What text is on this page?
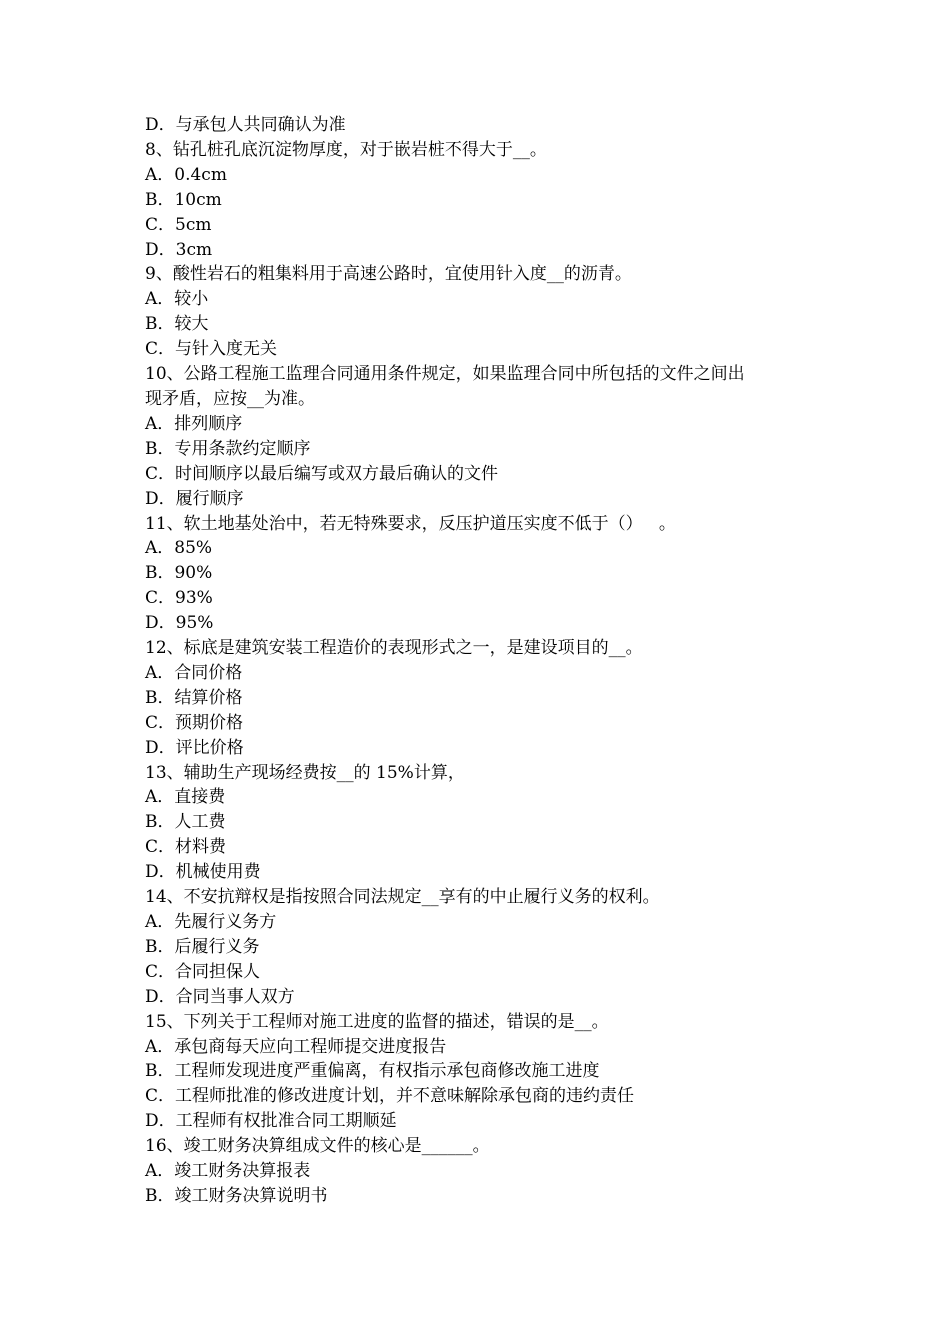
D．与承包人共同确认为准

8、钻孔桩孔底沉淀物厚度，对于嵌岩桩不得大于__。

A．0.4cm

B．10cm

C．5cm

D．3cm

9、酸性岩石的粗集料用于高速公路时，宜使用针入度__的沥青。

A．较小

B．较大

C．与针入度无关

10、公路工程施工监理合同通用条件规定，如果监理合同中所包括的文件之间出

现矛盾，应按__为准。

A．排列顺序

B．专用条款约定顺序

C．时间顺序以最后编写或双方最后确认的文件

D．履行顺序

11、软土地基处治中，若无特殊要求，反压护道压实度不低于（）   。

A．85%

B．90%

C．93%

D．95%

12、标底是建筑安装工程造价的表现形式之一，是建设项目的__。

A．合同价格

B．结算价格

C．预期价格

D．评比价格

13、辅助生产现场经费按__的 15%计算，

A．直接费

B．人工费

C．材料费

D．机械使用费

14、不安抗辩权是指按照合同法规定__享有的中止履行义务的权利。

A．先履行义务方

B．后履行义务

C．合同担保人

D．合同当事人双方

15、下列关于工程师对施工进度的监督的描述，错误的是__。

A．承包商每天应向工程师提交进度报告

B．工程师发现进度严重偏离，有权指示承包商修改施工进度

C．工程师批准的修改进度计划，并不意味解除承包商的违约责任

D．工程师有权批准合同工期顺延

16、竣工财务决算组成文件的核心是______。

A．竣工财务决算报表

B．竣工财务决算说明书
